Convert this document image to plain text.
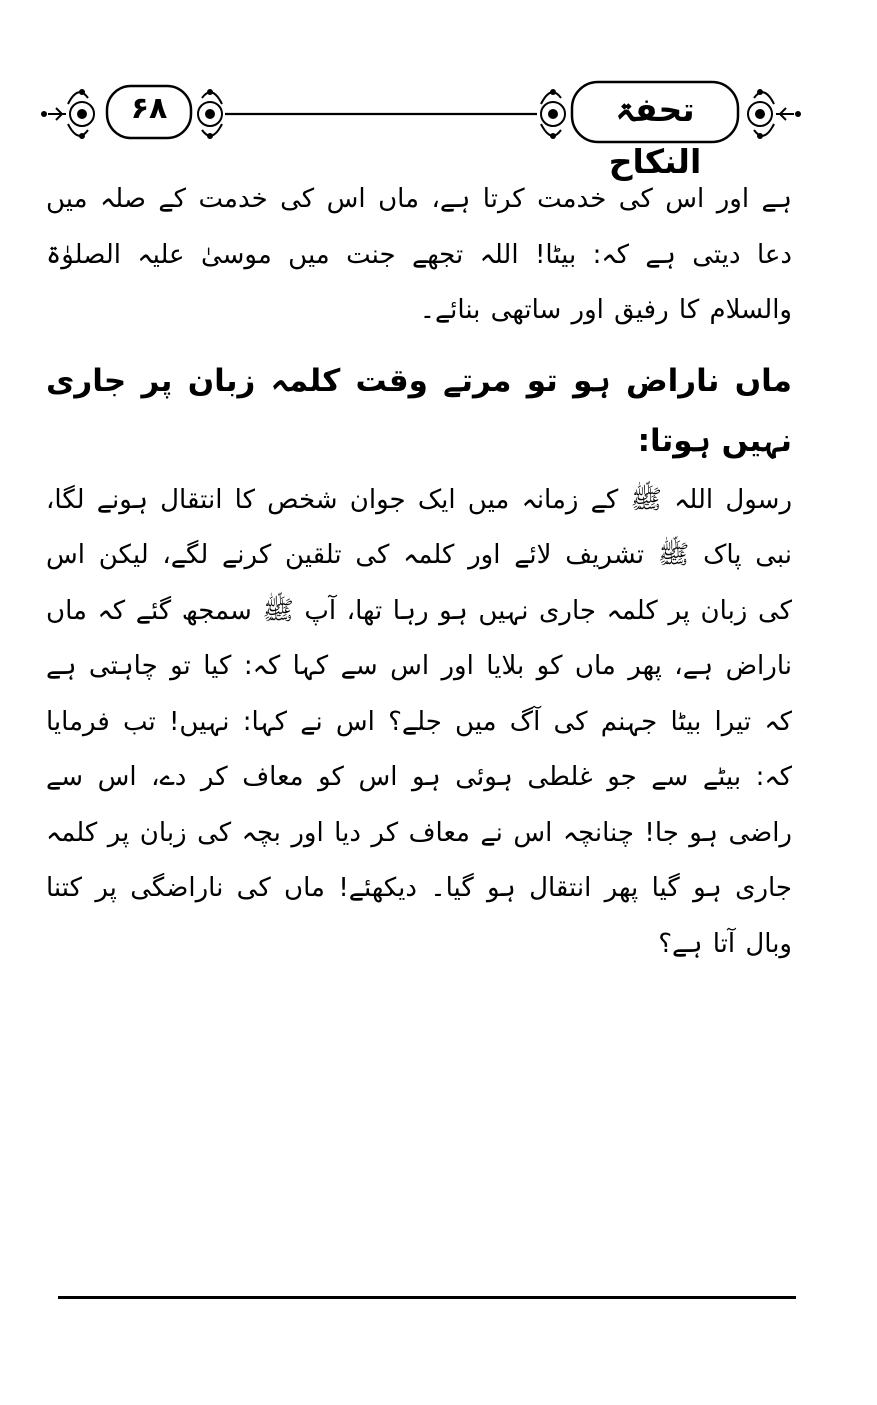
۶۸	تحفۃ النکاح

ہے اور اس کی خدمت کرتا ہے، ماں اس کی خدمت کے صلہ میں دعا دیتی ہے کہ: بیٹا! اللہ تجھے جنت میں موسیٰ علیہ الصلوٰۃ والسلام کا رفیق اور ساتھی بنائے۔

ماں ناراض ہو تو مرتے وقت کلمہ زبان پر جاری نہیں ہوتا:

رسول اللہ ﷺ کے زمانہ میں ایک جوان شخص کا انتقال ہونے لگا، نبی پاک ﷺ تشریف لائے اور کلمہ کی تلقین کرنے لگے، لیکن اس کی زبان پر کلمہ جاری نہیں ہو رہا تھا، آپ ﷺ سمجھ گئے کہ ماں ناراض ہے، پھر ماں کو بلایا اور اس سے کہا کہ: کیا تو چاہتی ہے کہ تیرا بیٹا جہنم کی آگ میں جلے؟ اس نے کہا: نہیں! تب فرمایا کہ: بیٹے سے جو غلطی ہوئی ہو اس کو معاف کر دے، اس سے راضی ہو جا! چنانچہ اس نے معاف کر دیا اور بچہ کی زبان پر کلمہ جاری ہو گیا پھر انتقال ہو گیا۔ دیکھئے! ماں کی ناراضگی پر کتنا وبال آتا ہے؟
